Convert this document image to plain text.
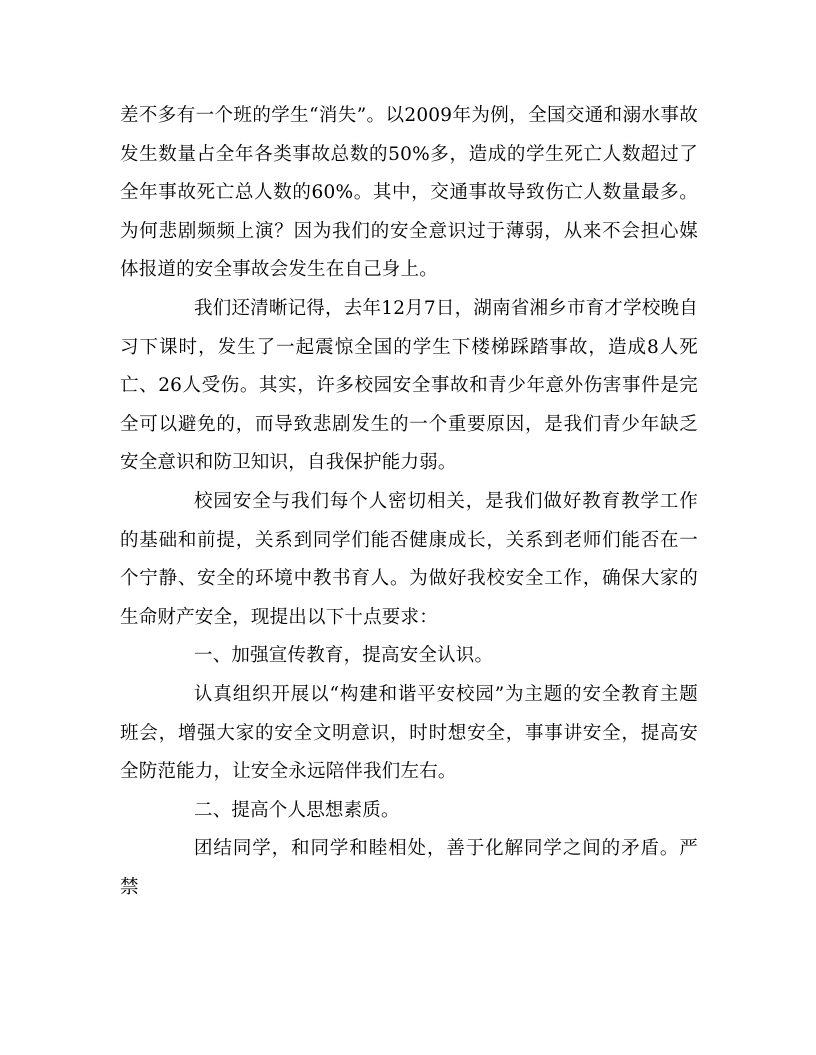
差不多有一个班的学生“消失”。以2009年为例，全国交通和溺水事故发生数量占全年各类事故总数的50%多，造成的学生死亡人数超过了全年事故死亡总人数的60%。其中，交通事故导致伤亡人数量最多。为何悲剧频频上演？因为我们的安全意识过于薄弱，从来不会担心媒体报道的安全事故会发生在自己身上。

我们还清晰记得，去年12月7日，湖南省湘乡市育才学校晚自习下课时，发生了一起震惊全国的学生下楼梯踩踏事故，造成8人死亡、26人受伤。其实，许多校园安全事故和青少年意外伤害事件是完全可以避免的，而导致悲剧发生的一个重要原因，是我们青少年缺乏安全意识和防卫知识，自我保护能力弱。

校园安全与我们每个人密切相关，是我们做好教育教学工作的基础和前提，关系到同学们能否健康成长，关系到老师们能否在一个宁静、安全的环境中教书育人。为做好我校安全工作，确保大家的生命财产安全，现提出以下十点要求：

一、加强宣传教育，提高安全认识。

认真组织开展以“构建和谐平安校园”为主题的安全教育主题班会，增强大家的安全文明意识，时时想安全，事事讲安全，提高安全防范能力，让安全永远陪伴我们左右。

二、提高个人思想素质。

团结同学，和同学和睦相处，善于化解同学之间的矛盾。严禁
